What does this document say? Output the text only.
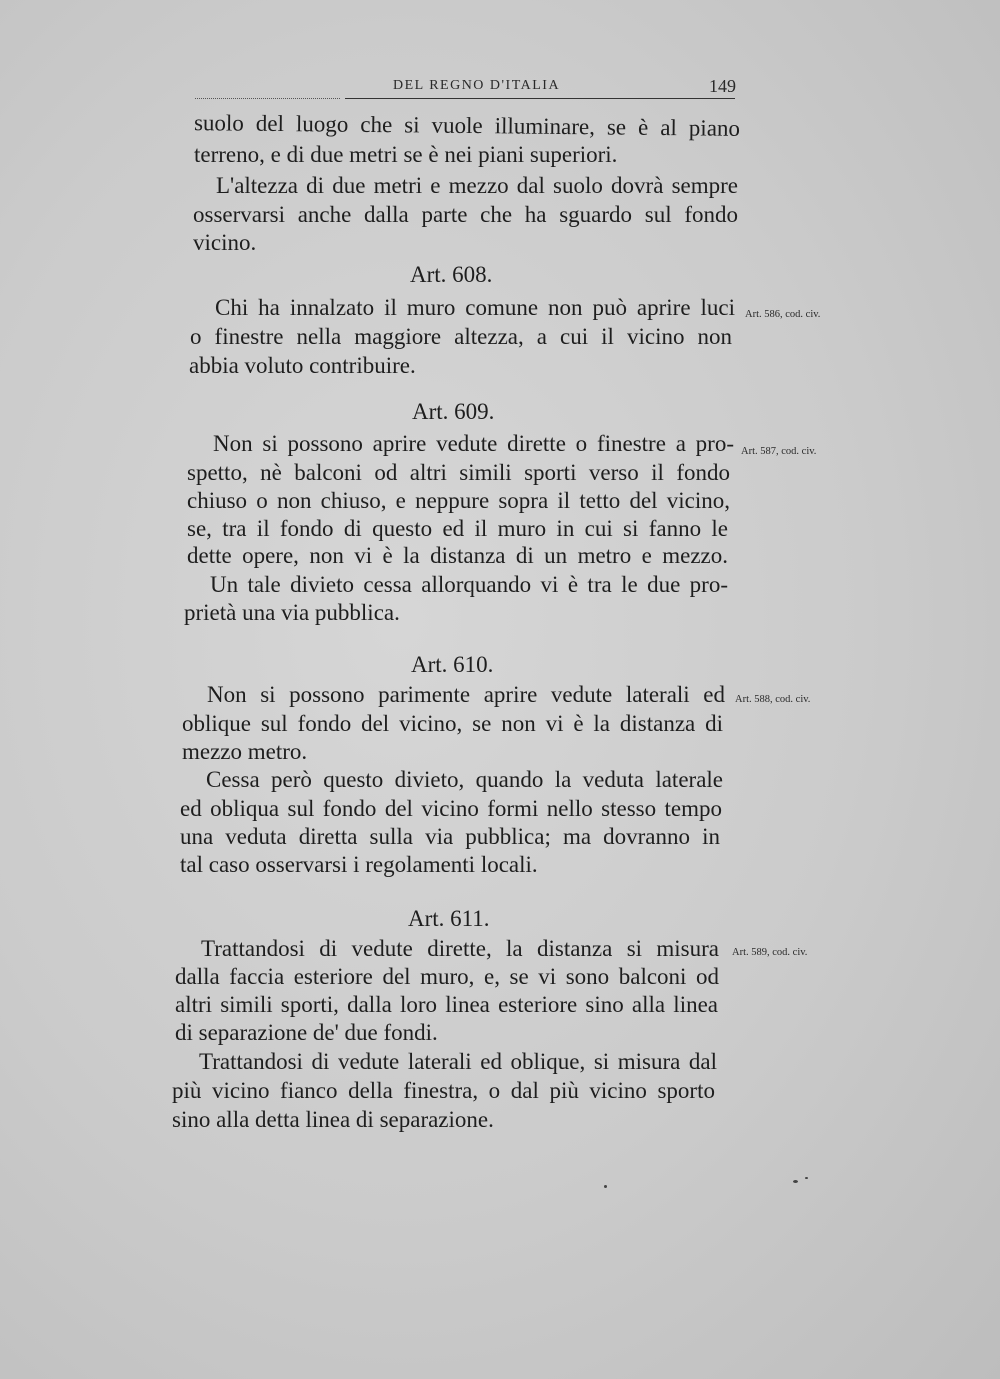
DEL REGNO D'ITALIA	149
suolo del luogo che si vuole illuminare, se è al piano
terreno, e di due metri se è nei piani superiori.
L'altezza di due metri e mezzo dal suolo dovrà sempre
osservarsi anche dalla parte che ha sguardo sul fondo
vicino.
Art. 608.
Art. 586, cod. civ.
Chi ha innalzato il muro comune non può aprire luci
o finestre nella maggiore altezza, a cui il vicino non
abbia voluto contribuire.
Art. 609.
Art. 587, cod. civ.
Non si possono aprire vedute dirette o finestre a pro-
spetto, nè balconi od altri simili sporti verso il fondo
chiuso o non chiuso, e neppure sopra il tetto del vicino,
se, tra il fondo di questo ed il muro in cui si fanno le
dette opere, non vi è la distanza di un metro e mezzo.
Un tale divieto cessa allorquando vi è tra le due pro-
prietà una via pubblica.
Art. 610.
Art. 588, cod. civ.
Non si possono parimente aprire vedute laterali ed
oblique sul fondo del vicino, se non vi è la distanza di
mezzo metro.
Cessa però questo divieto, quando la veduta laterale
ed obliqua sul fondo del vicino formi nello stesso tempo
una veduta diretta sulla via pubblica; ma dovranno in
tal caso osservarsi i regolamenti locali.
Art. 611.
Art. 589, cod. civ.
Trattandosi di vedute dirette, la distanza si misura
dalla faccia esteriore del muro, e, se vi sono balconi od
altri simili sporti, dalla loro linea esteriore sino alla linea
di separazione de' due fondi.
Trattandosi di vedute laterali ed oblique, si misura dal
più vicino fianco della finestra, o dal più vicino sporto
sino alla detta linea di separazione.
